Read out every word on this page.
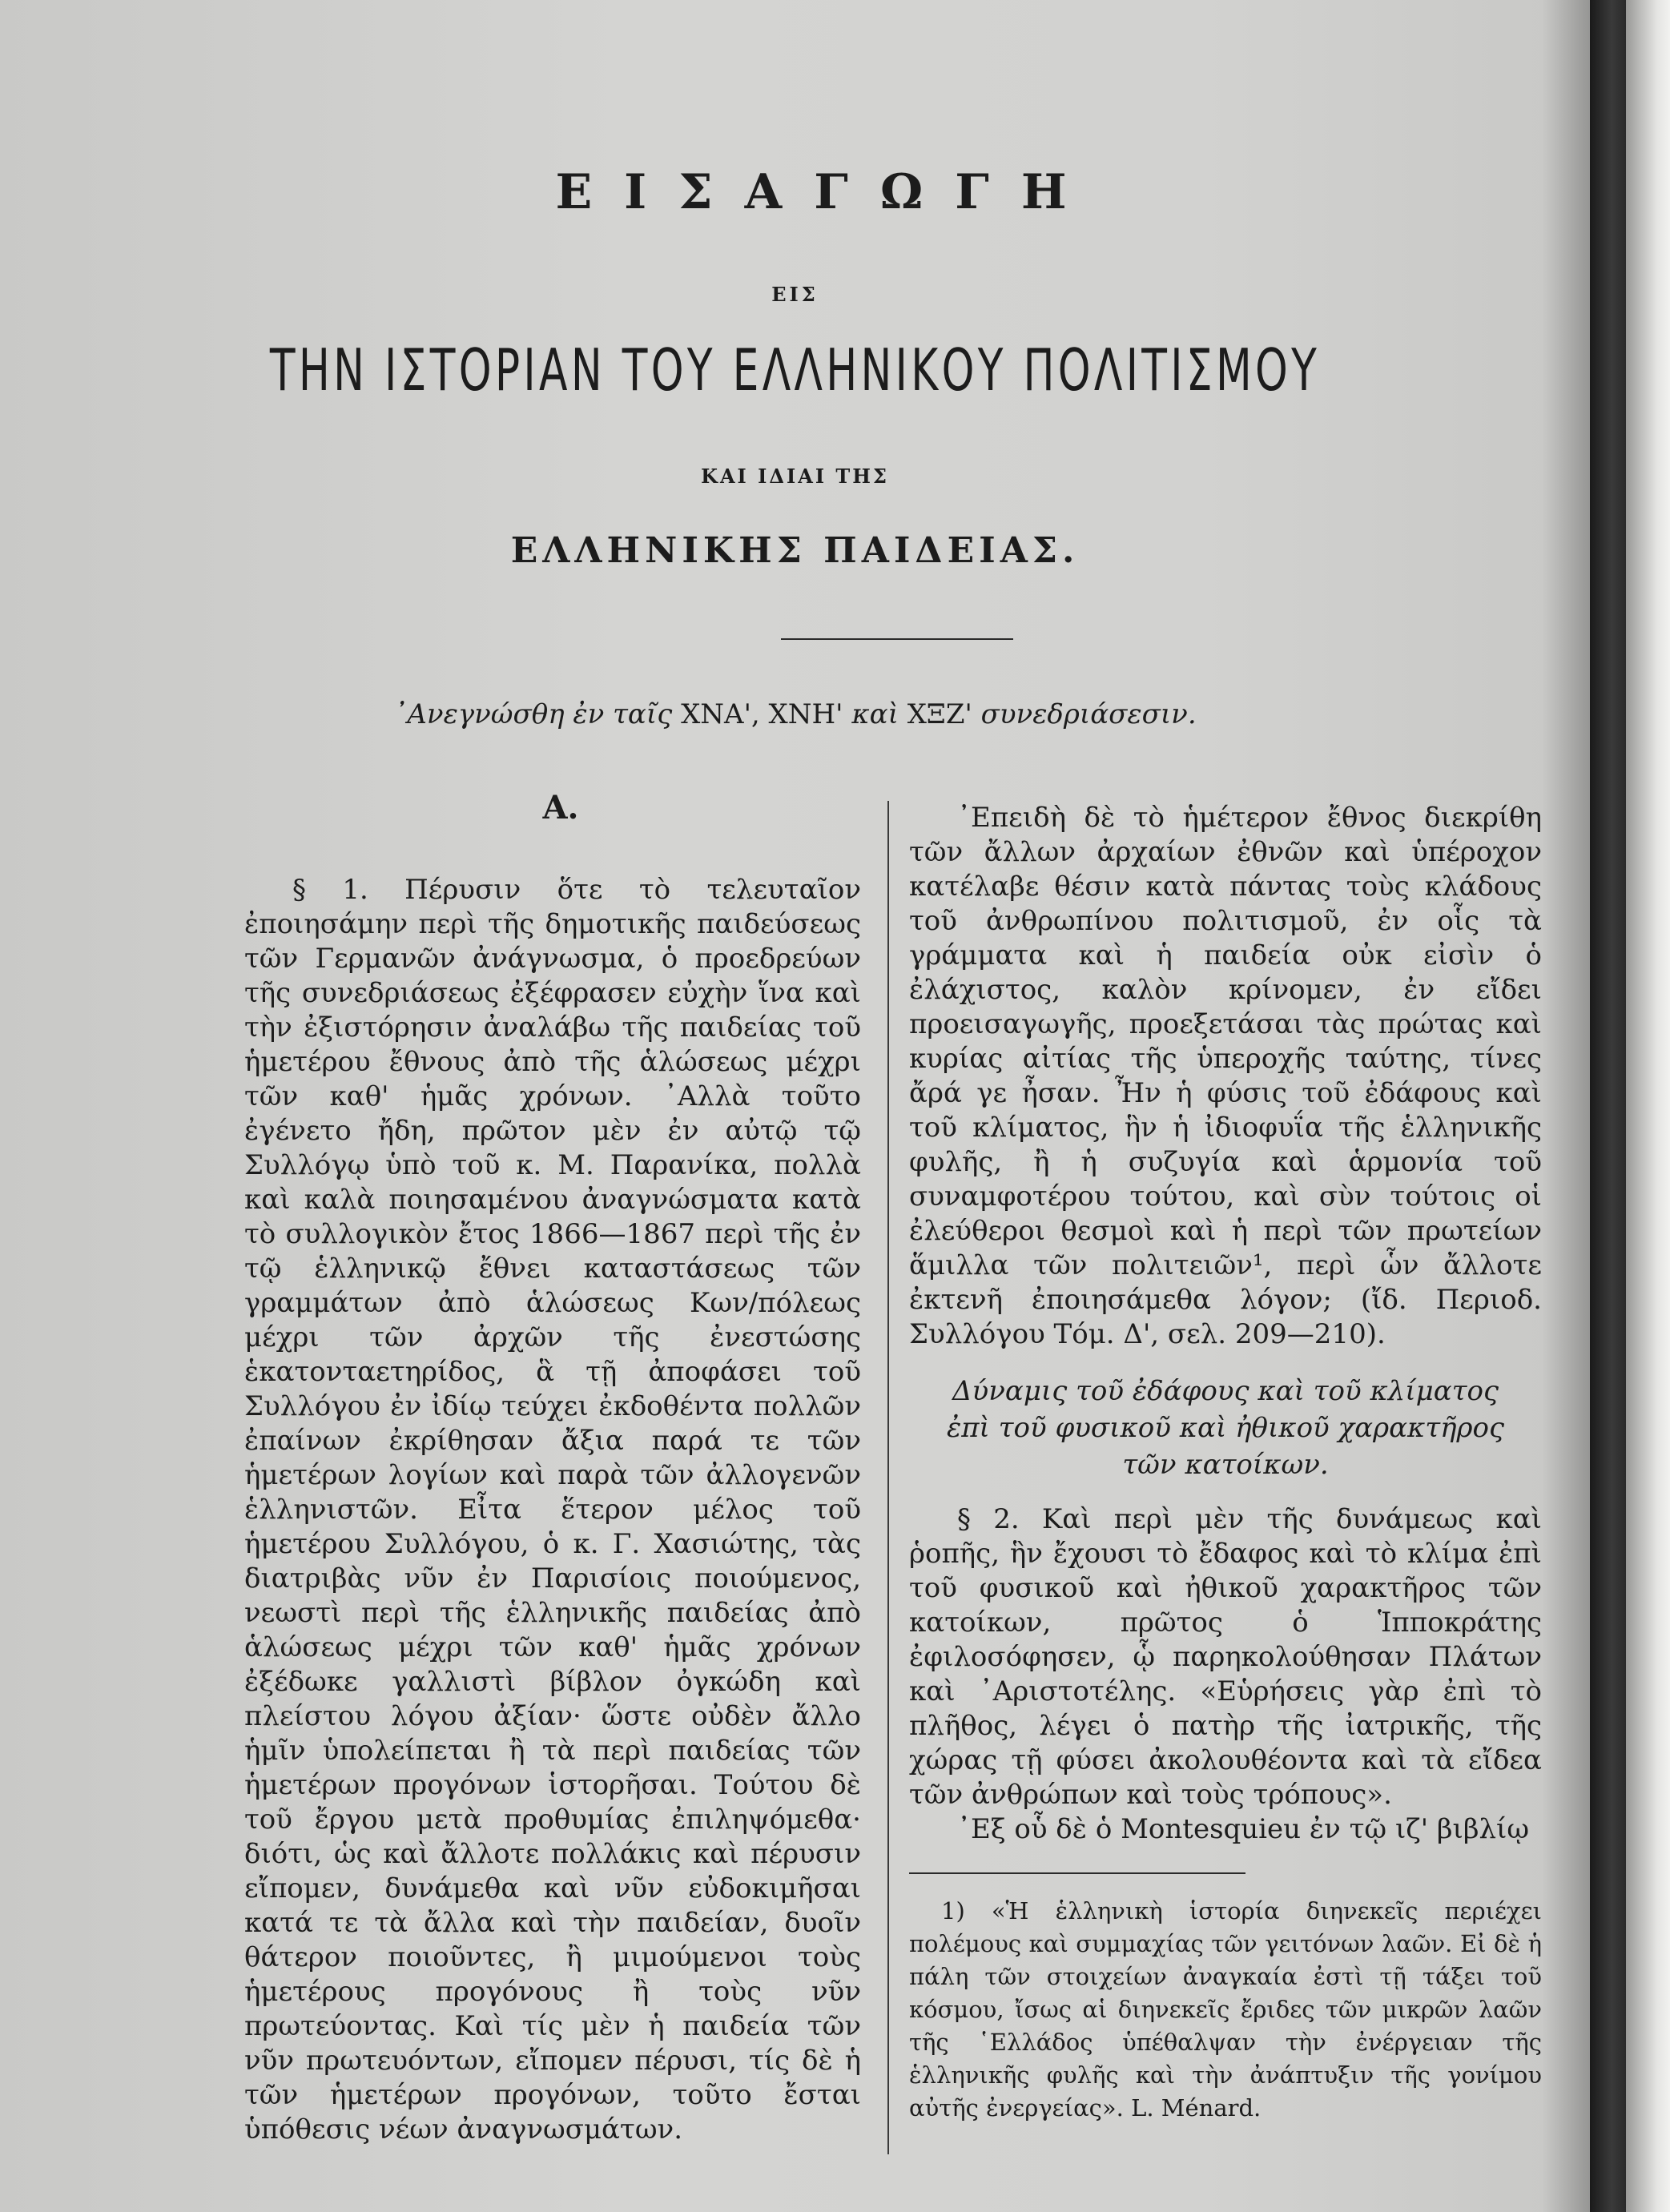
ΕΙΣΑΓΩΓΗ
ΕΙΣ
ΤΗΝ ΙΣΤΟΡΙΑΝ ΤΟΥ ΕΛΛΗΝΙΚΟΥ ΠΟΛΙΤΙΣΜΟΥ
ΚΑΙ ΙΔΙΑΙ ΤΗΣ
ΕΛΛΗΝΙΚΗΣ ΠΑΙΔΕΙΑΣ.
᾿Ανεγνώσθη ἐν ταῖς ΧΝΑ', ΧΝΗ' καὶ ΧΞΖ' συνεδριάσεσιν.
Α.

§ 1. Πέρυσιν ὅτε τὸ τελευταῖον ἐποιησάμην περὶ τῆς δημοτικῆς παιδεύσεως τῶν Γερμανῶν ἀνάγνωσμα, ὁ προεδρεύων τῆς συνεδριάσεως ἐξέφρασεν εὐχὴν ἵνα καὶ τὴν ἐξιστόρησιν ἀναλάβω τῆς παιδείας τοῦ ἡμετέρου ἔθνους ἀπὸ τῆς ἁλώσεως μέχρι τῶν καθ' ἡμᾶς χρόνων. ᾿Αλλὰ τοῦτο ἐγένετο ἤδη, πρῶτον μὲν ἐν αὐτῷ τῷ Συλλόγῳ ὑπὸ τοῦ κ. Μ. Παρανίκα, πολλὰ καὶ καλὰ ποιησαμένου ἀναγνώσματα κατὰ τὸ συλλογικὸν ἔτος 1866—1867 περὶ τῆς ἐν τῷ ἑλληνικῷ ἔθνει καταστάσεως τῶν γραμμάτων ἀπὸ ἁλώσεως Κων/πόλεως μέχρι τῶν ἀρχῶν τῆς ἐνεστώσης ἑκατονταετηρίδος, ἃ τῇ ἀποφάσει τοῦ Συλλόγου ἐν ἰδίῳ τεύχει ἐκδοθέντα πολλῶν ἐπαίνων ἐκρίθησαν ἄξια παρά τε τῶν ἡμετέρων λογίων καὶ παρὰ τῶν ἀλλογενῶν ἑλληνιστῶν. Εἶτα ἕτερον μέλος τοῦ ἡμετέρου Συλλόγου, ὁ κ. Γ. Χασιώτης, τὰς διατριβὰς νῦν ἐν Παρισίοις ποιούμενος, νεωστὶ περὶ τῆς ἑλληνικῆς παιδείας ἀπὸ ἁλώσεως μέχρι τῶν καθ' ἡμᾶς χρόνων ἐξέδωκε γαλλιστὶ βίβλον ὀγκώδη καὶ πλείστου λόγου ἀξίαν· ὥστε οὐδὲν ἄλλο ἡμῖν ὑπολείπεται ἢ τὰ περὶ παιδείας τῶν ἡμετέρων προγόνων ἱστορῆσαι. Τούτου δὲ τοῦ ἔργου μετὰ προθυμίας ἐπιληψόμεθα· διότι, ὡς καὶ ἄλλοτε πολλάκις καὶ πέρυσιν εἴπομεν, δυνάμεθα καὶ νῦν εὐδοκιμῆσαι κατά τε τὰ ἄλλα καὶ τὴν παιδείαν, δυοῖν θάτερον ποιοῦντες, ἢ μιμούμενοι τοὺς ἡμετέρους προγόνους ἢ τοὺς νῦν πρωτεύοντας. Καὶ τίς μὲν ἡ παιδεία τῶν νῦν πρωτευόντων, εἴπομεν πέρυσι, τίς δὲ ἡ τῶν ἡμετέρων προγόνων, τοῦτο ἔσται ὑπόθεσις νέων ἀναγνωσμάτων.

᾿Επειδὴ δὲ τὸ ἡμέτερον ἔθνος διεκρίθη τῶν ἄλλων ἀρχαίων ἐθνῶν καὶ ὑπέροχον κατέλαβε θέσιν κατὰ πάντας τοὺς κλάδους τοῦ ἀνθρωπίνου πολιτισμοῦ, ἐν οἷς τὰ γράμματα καὶ ἡ παιδεία οὐκ εἰσὶν ὁ ἐλάχιστος, καλὸν κρίνομεν, ἐν εἴδει προεισαγωγῆς, προεξετάσαι τὰς πρώτας καὶ κυρίας αἰτίας τῆς ὑπεροχῆς ταύτης, τίνες ἄρά γε ἦσαν. Ἦν ἡ φύσις τοῦ ἐδάφους καὶ τοῦ κλίματος, ἣν ἡ ἰδιοφυΐα τῆς ἑλληνικῆς φυλῆς, ἢ ἡ συζυγία καὶ ἁρμονία τοῦ συναμφοτέρου τούτου, καὶ σὺν τούτοις οἱ ἐλεύθεροι θεσμοὶ καὶ ἡ περὶ τῶν πρωτείων ἅμιλλα τῶν πολιτειῶν¹, περὶ ὧν ἄλλοτε ἐκτενῆ ἐποιησάμεθα λόγον; (ἴδ. Περιοδ. Συλλόγου Τόμ. Δ', σελ. 209—210).

Δύναμις τοῦ ἐδάφους καὶ τοῦ κλίματος ἐπὶ τοῦ φυσικοῦ καὶ ἠθικοῦ χαρακτῆρος τῶν κατοίκων.

§ 2. Καὶ περὶ μὲν τῆς δυνάμεως καὶ ῥοπῆς, ἣν ἔχουσι τὸ ἔδαφος καὶ τὸ κλίμα ἐπὶ τοῦ φυσικοῦ καὶ ἠθικοῦ χαρακτῆρος τῶν κατοίκων, πρῶτος ὁ Ἱπποκράτης ἐφιλοσόφησεν, ᾧ παρηκολούθησαν Πλάτων καὶ ᾿Αριστοτέλης. «Εὑρήσεις γὰρ ἐπὶ τὸ πλῆθος, λέγει ὁ πατὴρ τῆς ἰατρικῆς, τῆς χώρας τῇ φύσει ἀκολουθέοντα καὶ τὰ εἴδεα τῶν ἀνθρώπων καὶ τοὺς τρόπους».

᾿Εξ οὗ δὲ ὁ Montesquieu ἐν τῷ ιζ' βιβλίῳ

1) «Ἡ ἑλληνικὴ ἱστορία διηνεκεῖς περιέχει πολέμους καὶ συμμαχίας τῶν γειτόνων λαῶν. Εἰ δὲ ἡ πάλη τῶν στοιχείων ἀναγκαία ἐστὶ τῇ τάξει τοῦ κόσμου, ἴσως αἱ διηνεκεῖς ἔριδες τῶν μικρῶν λαῶν τῆς ῾Ελλάδος ὑπέθαλψαν τὴν ἐνέργειαν τῆς ἑλληνικῆς φυλῆς καὶ τὴν ἀνάπτυξιν τῆς γονίμου αὐτῆς ἐνεργείας». L. Ménard.
